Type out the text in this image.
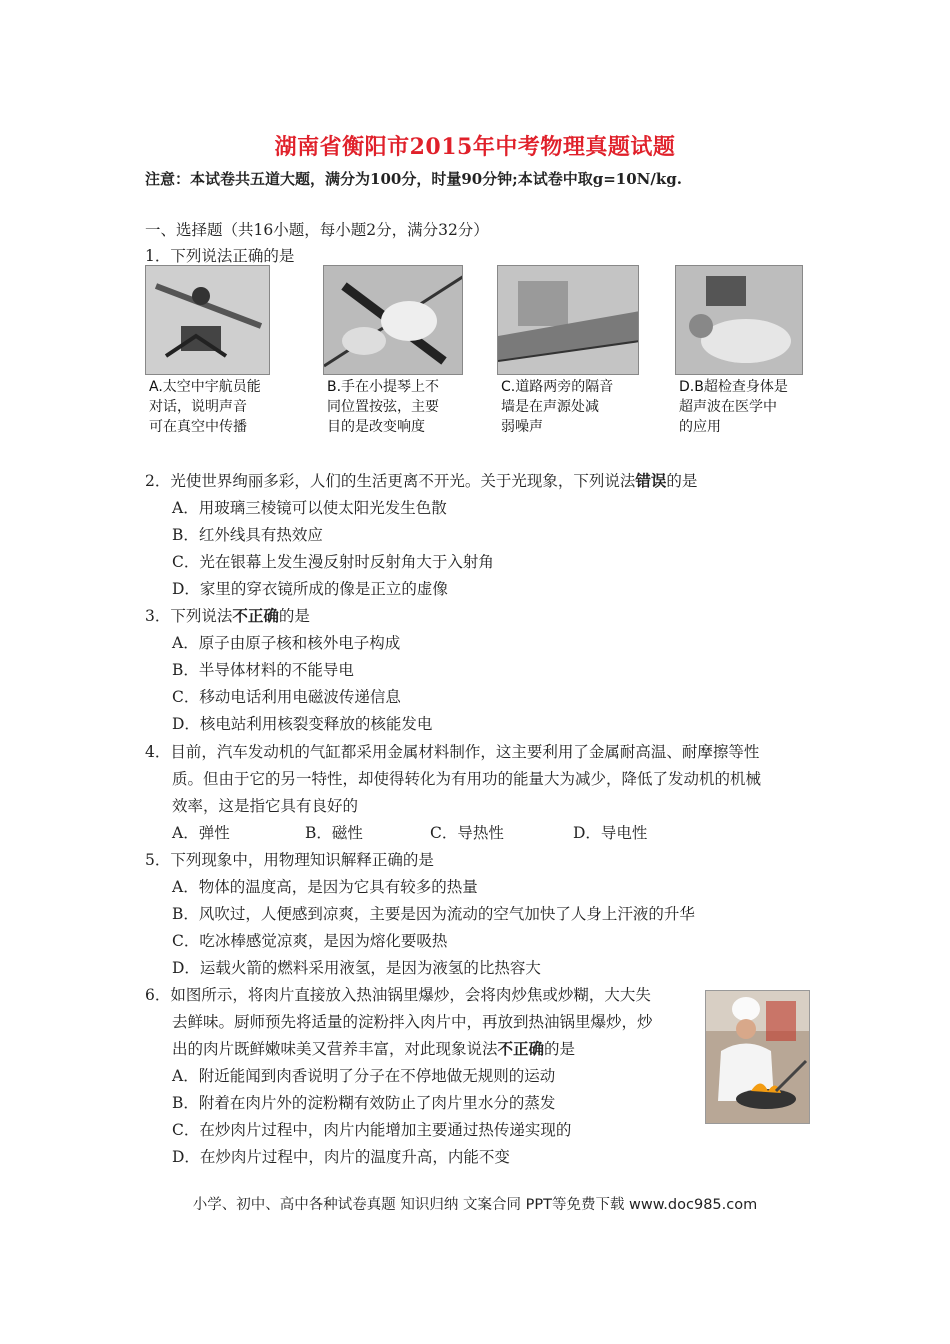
湖南省衡阳市2015年中考物理真题试题
注意：本试卷共五道大题，满分为100分，时量90分钟;本试卷中取g=10N/kg.
一、选择题（共16小题，每小题2分，满分32分）
1．下列说法正确的是
A.太空中宇航员能
对话，说明声音
可在真空中传播
B.手在小提琴上不
同位置按弦，主要
目的是改变响度
C.道路两旁的隔音
墙是在声源处减
弱噪声
D.B超检查身体是
超声波在医学中
的应用
2．光使世界绚丽多彩，人们的生活更离不开光。关于光现象，下列说法错误的是
A．用玻璃三棱镜可以使太阳光发生色散
B．红外线具有热效应
C．光在银幕上发生漫反射时反射角大于入射角
D．家里的穿衣镜所成的像是正立的虚像
3．下列说法不正确的是
A．原子由原子核和核外电子构成
B．半导体材料的不能导电
C．移动电话利用电磁波传递信息
D．核电站利用核裂变释放的核能发电
4．目前，汽车发动机的气缸都采用金属材料制作，这主要利用了金属耐高温、耐摩擦等性
质。但由于它的另一特性，却使得转化为有用功的能量大为减少，降低了发动机的机械
效率，这是指它具有良好的
A．弹性	B．磁性	C．导热性	D．导电性
5．下列现象中，用物理知识解释正确的是
A．物体的温度高，是因为它具有较多的热量
B．风吹过，人便感到凉爽，主要是因为流动的空气加快了人身上汗液的升华
C．吃冰棒感觉凉爽，是因为熔化要吸热
D．运载火箭的燃料采用液氢，是因为液氢的比热容大
6．如图所示，将肉片直接放入热油锅里爆炒，会将肉炒焦或炒糊，大大失
去鲜味。厨师预先将适量的淀粉拌入肉片中，再放到热油锅里爆炒，炒
出的肉片既鲜嫩味美又营养丰富，对此现象说法不正确的是
A．附近能闻到肉香说明了分子在不停地做无规则的运动
B．附着在肉片外的淀粉糊有效防止了肉片里水分的蒸发
C．在炒肉片过程中，肉片内能增加主要通过热传递实现的
D．在炒肉片过程中，肉片的温度升高，内能不变
小学、初中、高中各种试卷真题 知识归纳 文案合同 PPT等免费下载 www.doc985.com
